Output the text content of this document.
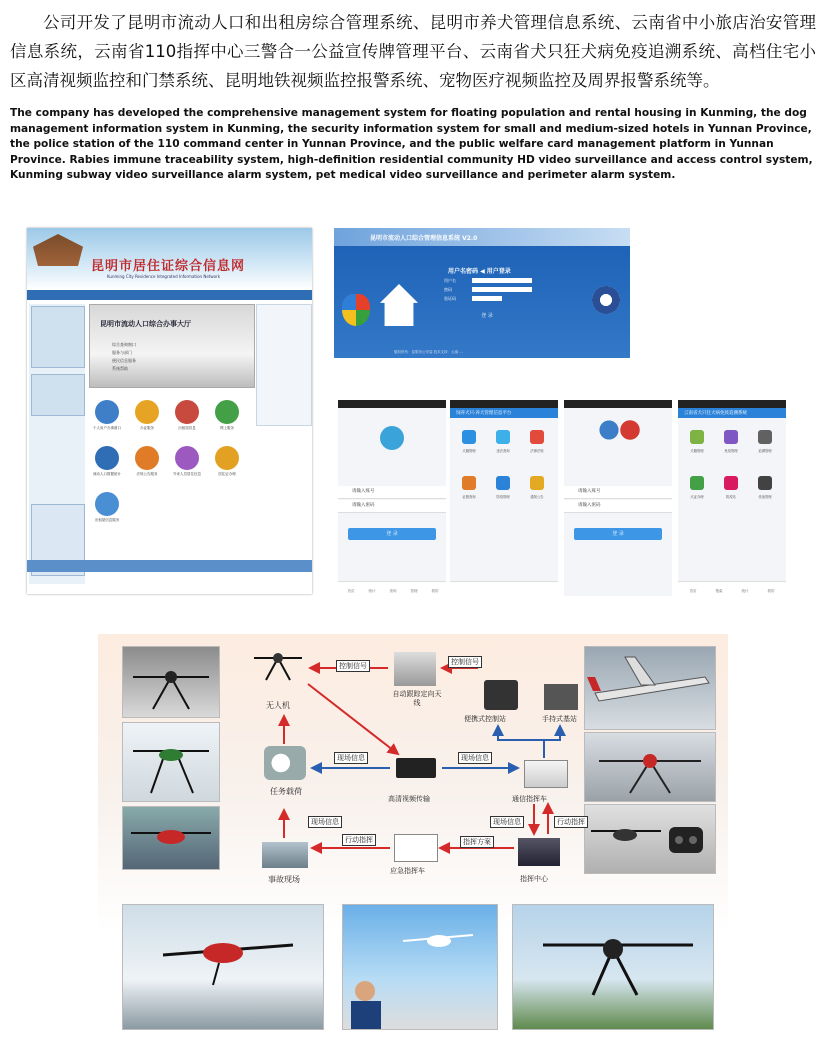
公司开发了昆明市流动人口和出租房综合管理系统、昆明市养犬管理信息系统、云南省中小旅店治安管理信息系统，云南省110指挥中心三警合一公益宣传牌管理平台、云南省犬只狂犬病免疫追溯系统、高档住宅小区高清视频监控和门禁系统、昆明地铁视频监控报警系统、宠物医疗视频监控及周界报警系统等。

The company has developed the comprehensive management system for floating population and rental housing in Kunming, the dog management information system in Kunming, the security information system for small and medium-sized hotels in Yunnan Province, the police station of the 110 command center in Yunnan Province, and the public welfare card management platform in Yunnan Province. Rabies immune traceability system, high-definition residential community HD video surveillance and access control system, Kunming subway video surveillance alarm system, pet medical video surveillance and perimeter alarm system.

昆明市居住证综合信息网
Kunming City Residence Integrated Information Network
昆明市流动人口综合办事大厅
综合查询窗口
服务与部门
便民信息服务
系统帮助
个人用户办事窗口	办证服务	出租屋信息	网上服务
流动人口数据统计	法规公告服务	外来人员居住信息	居住证办理
出租屋信息服务
昆明市流动人口综合管理信息系统 V2.0
用户名密码 ◀ 用户登录
用户名
密码
验证码
登 录
版权所有：昆明市公安局 技术支持：云南 …
请输入账号
请输入密码
登 录
首页	统计	查询	管理	我的
饲养犬只·养犬管理信息平台
犬籍管理	违法查询	法律法规
证照查询	防疫管理	通知公告
请输入账号
请输入密码
登 录
云南省犬只狂犬病免疫追溯系统
犬籍管理	免疫管理	追溯管理
犬证办理	防疫站	设备管理
首页	搜索	统计	我的
无人机
自动跟踪定向天线
便携式控制站	手持式基站
任务载荷
高清视频传输	通信指挥车
事故现场
应急指挥车
指挥中心
控制信号	控制信号
现场信息	现场信息
现场信息
现场信息	行动指挥
行动指挥	指挥方案
